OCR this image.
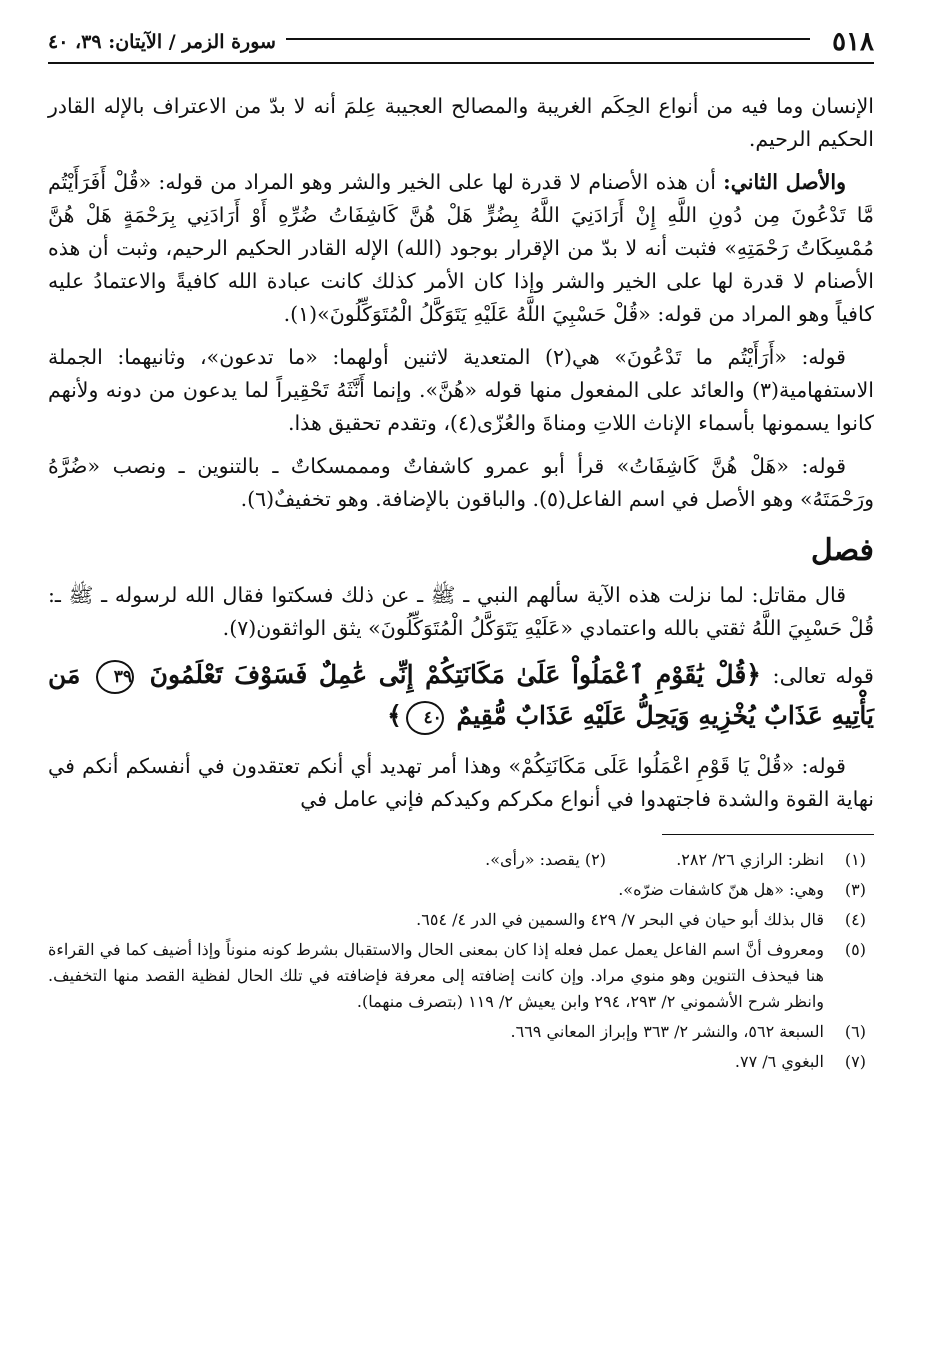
٥١٨
سورة الزمر / الآيتان: ٣٩، ٤٠

الإنسان وما فيه من أنواع الحِكَم الغريبة والمصالح العجيبة عِلمَ أنه لا بدّ من الاعتراف بالإله القادر الحكيم الرحيم.

والأصل الثاني: أن هذه الأصنام لا قدرة لها على الخير والشر وهو المراد من قوله: «قُلْ أَفَرَأَيْتُم مَّا تَدْعُونَ مِن دُونِ اللَّهِ إِنْ أَرَادَنِيَ اللَّهُ بِضُرٍّ هَلْ هُنَّ كَاشِفَاتُ ضُرِّهِ أَوْ أَرَادَنِي بِرَحْمَةٍ هَلْ هُنَّ مُمْسِكَاتُ رَحْمَتِهِ» فثبت أنه لا بدّ من الإقرار بوجود (الله) الإله القادر الحكيم الرحيم، وثبت أن هذه الأصنام لا قدرة لها على الخير والشر وإذا كان الأمر كذلك كانت عبادة الله كافيةً والاعتمادُ عليه كافياً وهو المراد من قوله: «قُلْ حَسْبِيَ اللَّهُ عَلَيْهِ يَتَوَكَّلُ الْمُتَوَكِّلُونَ»(١).

قوله: «أَرَأَيْتُم ما تَدْعُونَ» هي(٢) المتعدية لاثنين أولهما: «ما تدعون»، وثانيهما: الجملة الاستفهامية(٣) والعائد على المفعول منها قوله «هُنَّ». وإنما أَنَّثَهُ تَحْقِيراً لما يدعون من دونه ولأنهم كانوا يسمونها بأسماء الإناث اللاتِ ومناةَ والعُزّى(٤)، وتقدم تحقيق هذا.

قوله: «هَلْ هُنَّ كَاشِفَاتُ» قرأ أبو عمرو كاشفاتٌ ومممسكاتٌ ـ بالتنوين ـ ونصب «ضُرَّهُ ورَحْمَتَهُ» وهو الأصل في اسم الفاعل(٥). والباقون بالإضافة. وهو تخفيفٌ(٦).

فصل

قال مقاتل: لما نزلت هذه الآية سألهم النبي ـ ﷺ ـ عن ذلك فسكتوا فقال الله لرسوله ـ ﷺ ـ: قُلْ حَسْبِيَ اللَّهُ ثقتي بالله واعتمادي «عَلَيْهِ يَتَوَكَّلُ الْمُتَوَكِّلُونَ» يثق الواثقون(٧).

قوله تعالى: ﴿قُلْ يَٰقَوْمِ ٱعْمَلُواْ عَلَىٰ مَكَانَتِكُمْ إِنِّى عَٰمِلٌ فَسَوْفَ تَعْلَمُونَ ٣٩ مَن يَأْتِيهِ عَذَابٌ يُخْزِيهِ وَيَحِلُّ عَلَيْهِ عَذَابٌ مُّقِيمٌ ٤٠﴾

قوله: «قُلْ يَا قَوْمِ اعْمَلُوا عَلَى مَكَانَتِكُمْ» وهذا أمر تهديد أي أنكم تعتقدون في أنفسكم أنكم في نهاية القوة والشدة فاجتهدوا في أنواع مكركم وكيدكم فإني عامل في

(١)
انظر: الرازي ٢٦/ ٢٨٢.  (٢) يقصد: «رأى».
(٣)
وهي: «هل هنّ كاشفات ضرّه».
(٤)
قال بذلك أبو حيان في البحر ٧/ ٤٢٩ والسمين في الدر ٤/ ٦٥٤.
(٥)
ومعروف أنَّ اسم الفاعل يعمل عمل فعله إذا كان بمعنى الحال والاستقبال بشرط كونه منوناً وإذا أضيف كما في القراءة هنا فيحذف التنوين وهو منوي مراد. وإن كانت إضافته إلى معرفة فإضافته في تلك الحال لفظية القصد منها التخفيف. وانظر شرح الأشموني ٢/ ٢٩٣، ٢٩٤ وابن يعيش ٢/ ١١٩ (بتصرف منهما).
(٦)
السبعة ٥٦٢، والنشر ٢/ ٣٦٣ وإبراز المعاني ٦٦٩.
(٧)
البغوي ٦/ ٧٧.
